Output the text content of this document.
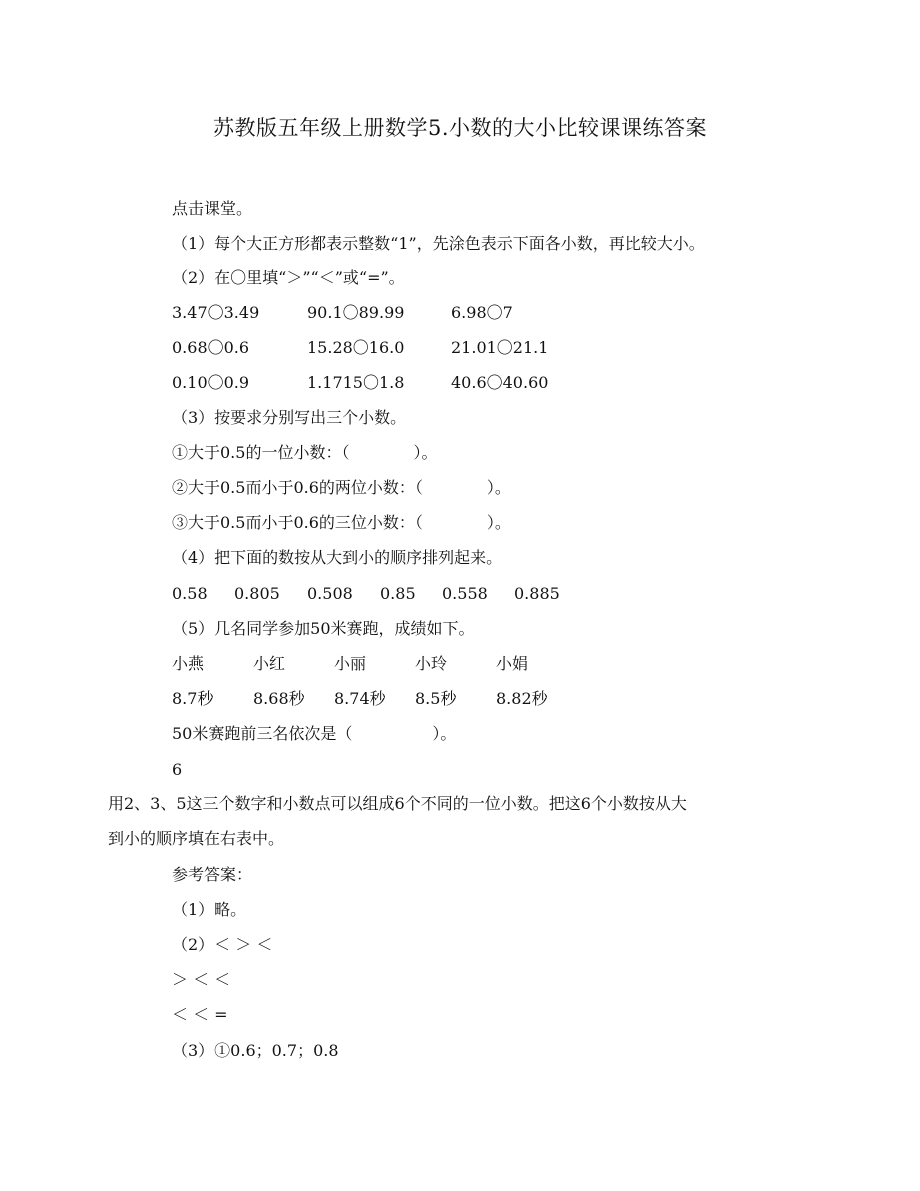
苏教版五年级上册数学5.小数的大小比较课课练答案
点击课堂。
（1）每个大正方形都表示整数“1”，先涂色表示下面各小数，再比较大小。
（2）在〇里填“＞”“＜”或“=”。
3.47〇3.49	90.1〇89.99	6.98〇7
0.68〇0.6	15.28〇16.0	21.01〇21.1
0.10〇0.9	1.1715〇1.8	40.6〇40.60
（3）按要求分别写出三个小数。
①大于0.5的一位小数：（　　　　）。
②大于0.5而小于0.6的两位小数：（　　　　）。
③大于0.5而小于0.6的三位小数：（　　　　）。
（4）把下面的数按从大到小的顺序排列起来。
0.58 0.805 0.508 0.85 0.558 0.885
（5）几名同学参加50米赛跑，成绩如下。
小燕	小红	小丽	小玲	小娟
8.7秒 8.68秒 8.74秒 8.5秒 8.82秒
50米赛跑前三名依次是（　　　　　）。
6
用2、3、5这三个数字和小数点可以组成6个不同的一位小数。把这6个小数按从大
到小的顺序填在右表中。
参考答案：
（1）略。
（2）＜ ＞ ＜
＞ ＜ ＜
＜ ＜ =
（3）①0.6；0.7；0.8
